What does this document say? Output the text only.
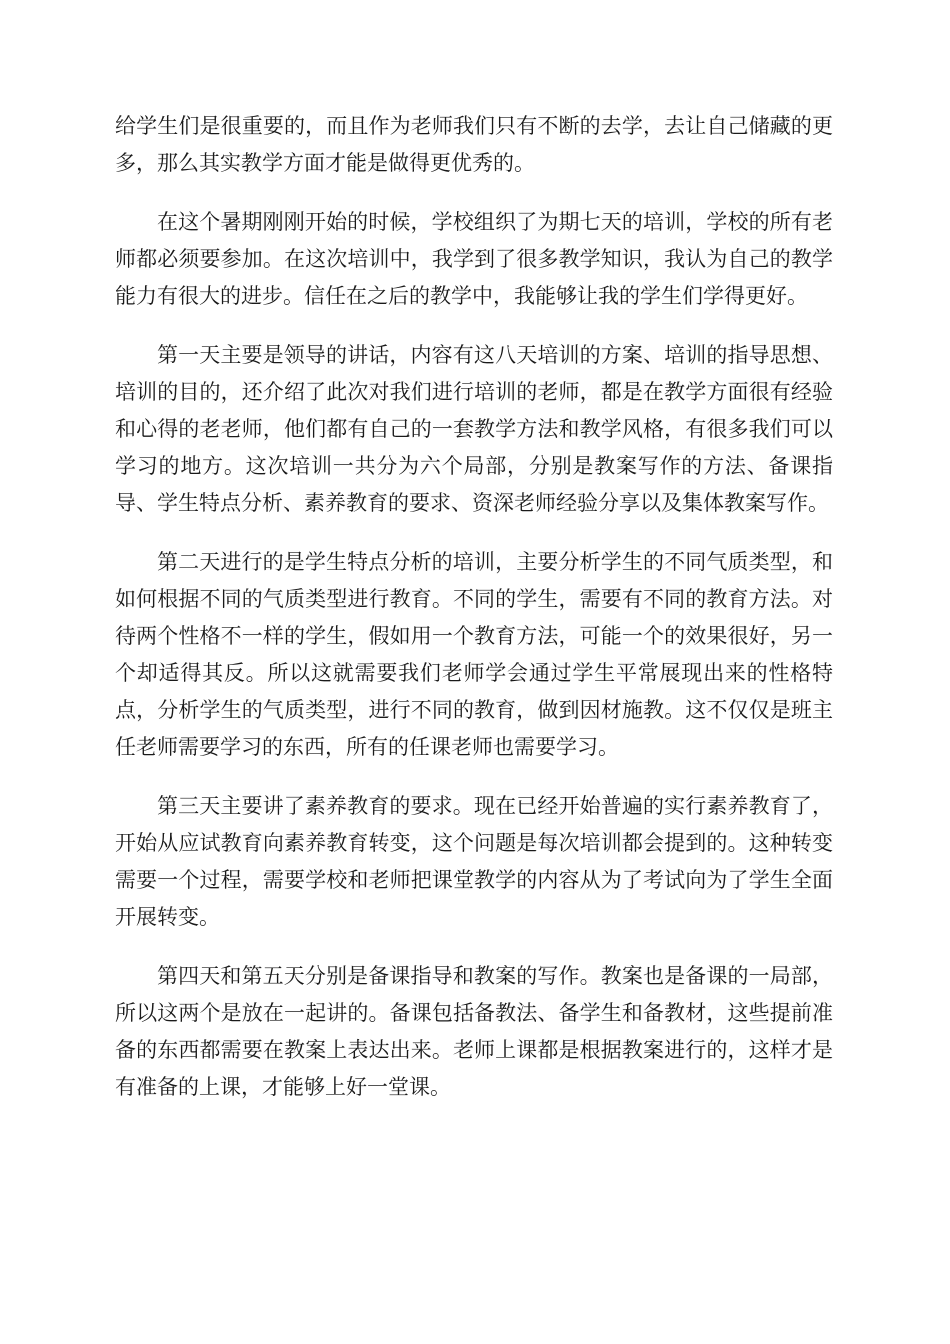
给学生们是很重要的，而且作为老师我们只有不断的去学，去让自己储藏的更多，那么其实教学方面才能是做得更优秀的。

在这个暑期刚刚开始的时候，学校组织了为期七天的培训，学校的所有老师都必须要参加。在这次培训中，我学到了很多教学知识，我认为自己的教学能力有很大的进步。信任在之后的教学中，我能够让我的学生们学得更好。

第一天主要是领导的讲话，内容有这八天培训的方案、培训的指导思想、培训的目的，还介绍了此次对我们进行培训的老师，都是在教学方面很有经验和心得的老老师，他们都有自己的一套教学方法和教学风格，有很多我们可以学习的地方。这次培训一共分为六个局部，分别是教案写作的方法、备课指导、学生特点分析、素养教育的要求、资深老师经验分享以及集体教案写作。

第二天进行的是学生特点分析的培训，主要分析学生的不同气质类型，和如何根据不同的气质类型进行教育。不同的学生，需要有不同的教育方法。对待两个性格不一样的学生，假如用一个教育方法，可能一个的效果很好，另一个却适得其反。所以这就需要我们老师学会通过学生平常展现出来的性格特点，分析学生的气质类型，进行不同的教育，做到因材施教。这不仅仅是班主任老师需要学习的东西，所有的任课老师也需要学习。

第三天主要讲了素养教育的要求。现在已经开始普遍的实行素养教育了，开始从应试教育向素养教育转变，这个问题是每次培训都会提到的。这种转变需要一个过程，需要学校和老师把课堂教学的内容从为了考试向为了学生全面开展转变。

第四天和第五天分别是备课指导和教案的写作。教案也是备课的一局部，所以这两个是放在一起讲的。备课包括备教法、备学生和备教材，这些提前准备的东西都需要在教案上表达出来。老师上课都是根据教案进行的，这样才是有准备的上课，才能够上好一堂课。
